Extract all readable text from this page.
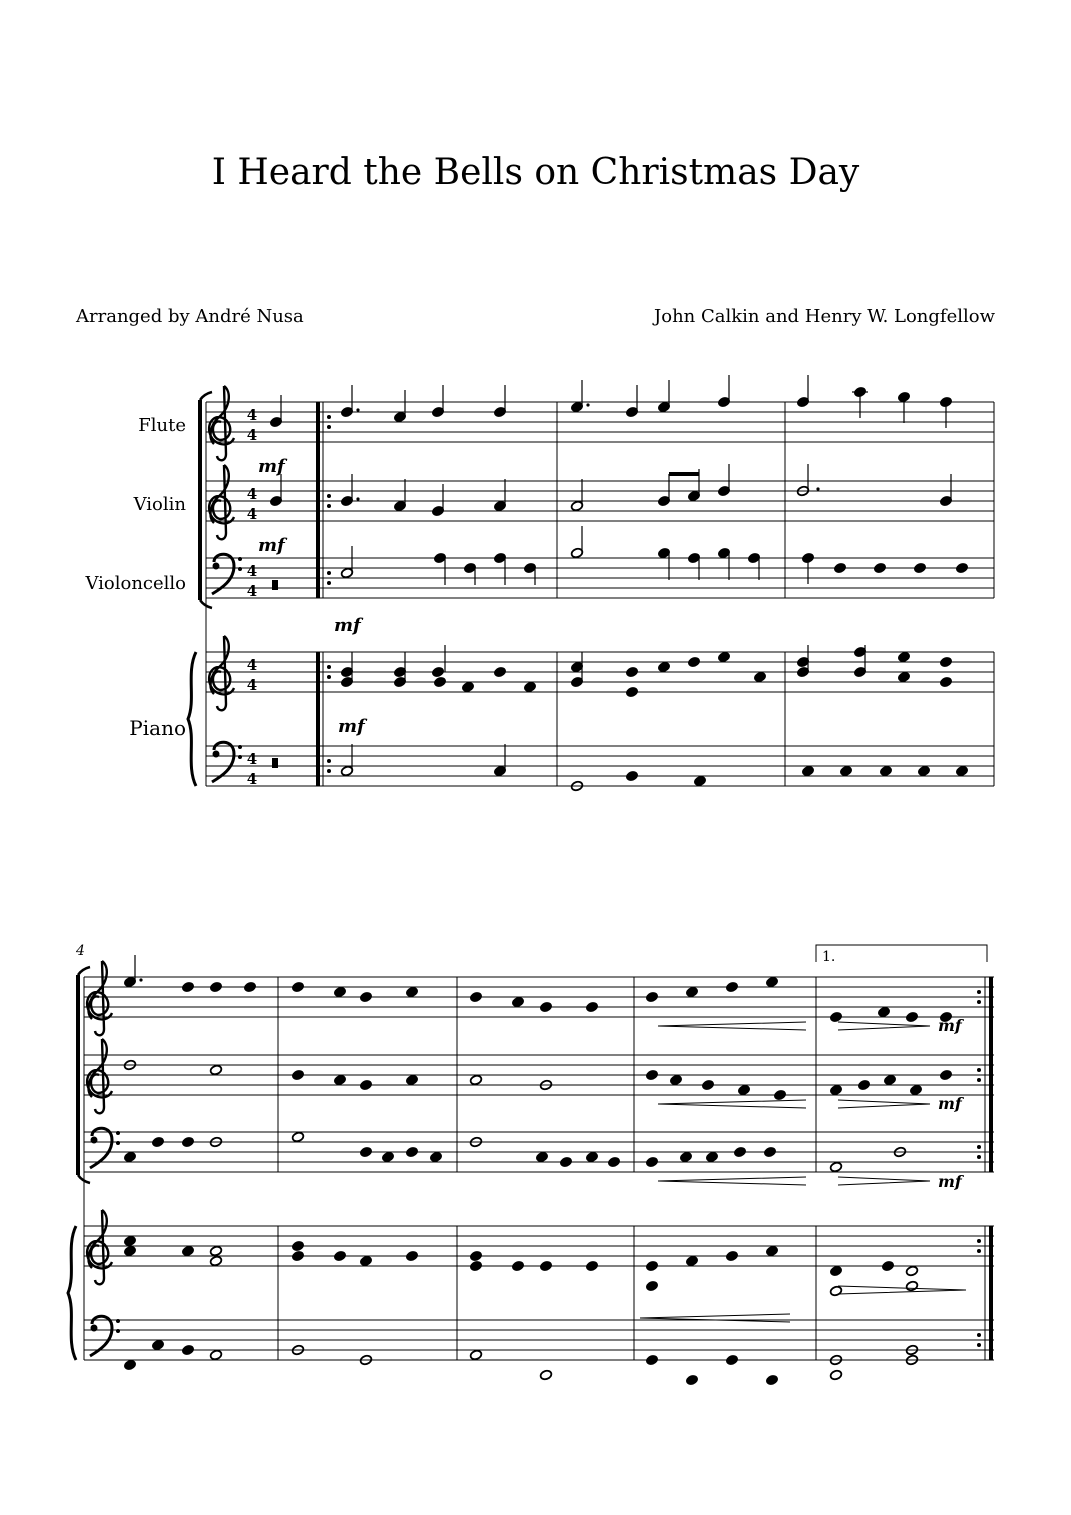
I Heard the Bells on Christmas Day
Arranged by André Nusa	John Calkin and Henry W. Longfellow
Flute
Violin
Violoncello
Piano
4
4
4
4
4
4
4
4
4
4
mf
mf
mf
mf
4	1.
mf
mf
mf
